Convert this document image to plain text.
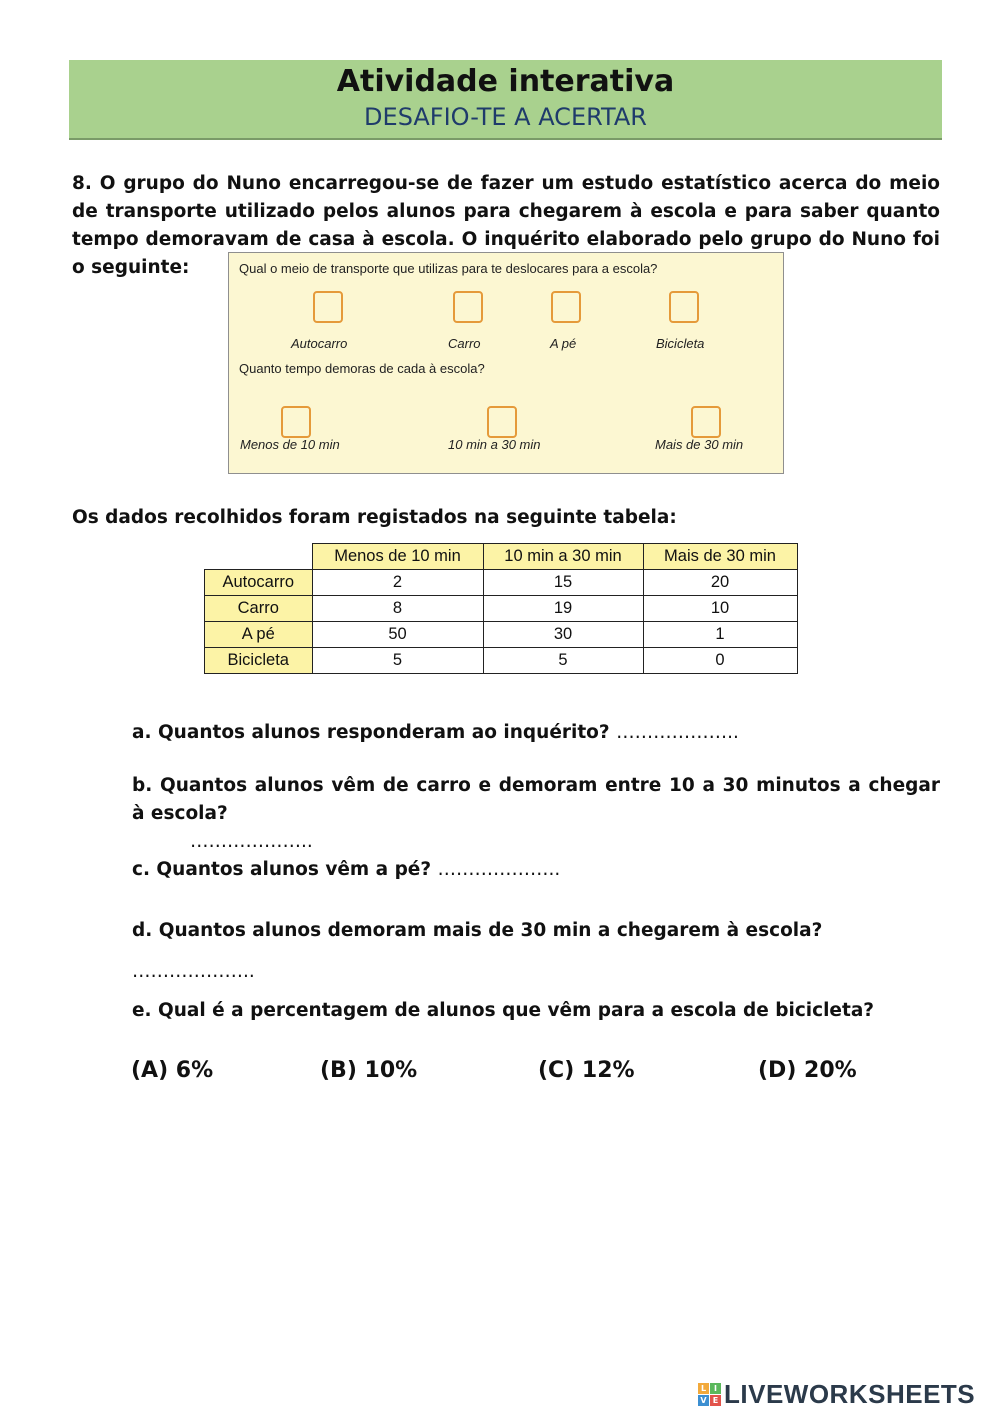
Atividade interativa
DESAFIO-TE A ACERTAR
8. O grupo do Nuno encarregou-se de fazer um estudo estatístico acerca do meio de transporte utilizado pelos alunos para chegarem à escola e para saber quanto tempo demoravam de casa à escola. O inquérito elaborado pelo grupo do Nuno foi o seguinte:	Qual o meio de transporte que utilizas para te deslocares para a escola?
Autocarro	Carro	A pé	Bicicleta
Quanto tempo demoras de cada à escola?
Menos de 10 min	10 min a 30 min	Mais de 30 min
Os dados recolhidos foram registados na seguinte tabela:
	Menos de 10 min	10 min a 30 min	Mais de 30 min
Autocarro	2	15	20
Carro	8	19	10
A pé	50	30	1
Bicicleta	5	5	0
a. Quantos alunos responderam ao inquérito? ………………..
b. Quantos alunos vêm de carro e demoram entre 10 a 30 minutos a chegar à escola?
………………..
c. Quantos alunos vêm a pé? ………………..
d. Quantos alunos demoram mais de 30 min a chegarem à escola?
………………..
e. Qual é a percentagem de alunos que vêm para a escola de bicicleta?
(A) 6%	(B) 10%	(C) 12%	(D) 20%
L I
V E LIVEWORKSHEETS
